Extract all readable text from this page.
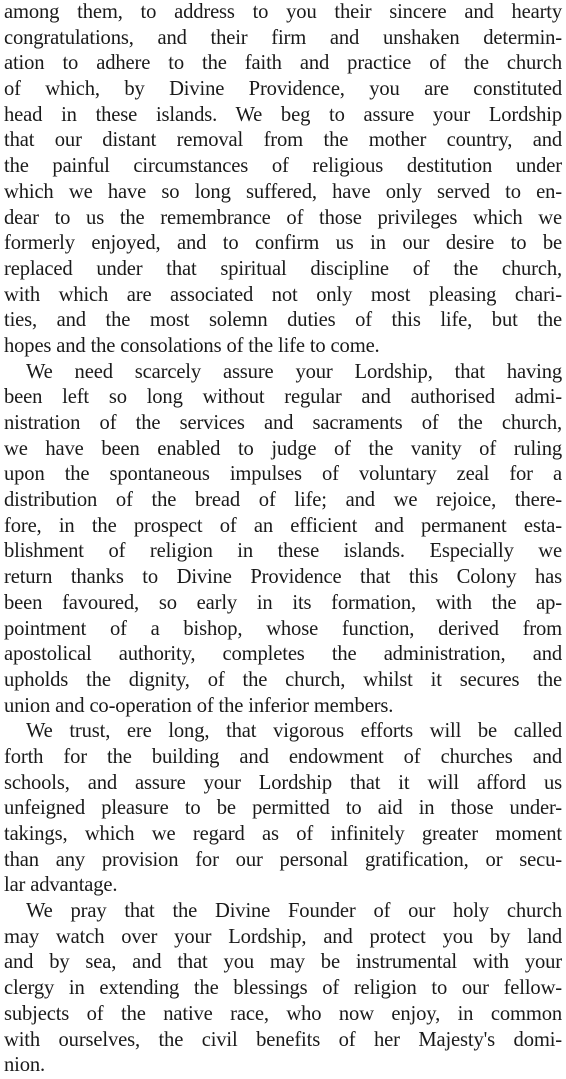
among them, to address to you their sincere and hearty
congratulations, and their firm and unshaken determin-
ation to adhere to the faith and practice of the church
of which, by Divine Providence, you are constituted
head in these islands. We beg to assure your Lordship
that our distant removal from the mother country, and
the painful circumstances of religious destitution under
which we have so long suffered, have only served to en-
dear to us the remembrance of those privileges which we
formerly enjoyed, and to confirm us in our desire to be
replaced under that spiritual discipline of the church,
with which are associated not only most pleasing chari-
ties, and the most solemn duties of this life, but the
hopes and the consolations of the life to come.
We need scarcely assure your Lordship, that having
been left so long without regular and authorised admi-
nistration of the services and sacraments of the church,
we have been enabled to judge of the vanity of ruling
upon the spontaneous impulses of voluntary zeal for a
distribution of the bread of life; and we rejoice, there-
fore, in the prospect of an efficient and permanent esta-
blishment of religion in these islands. Especially we
return thanks to Divine Providence that this Colony has
been favoured, so early in its formation, with the ap-
pointment of a bishop, whose function, derived from
apostolical authority, completes the administration, and
upholds the dignity, of the church, whilst it secures the
union and co-operation of the inferior members.
We trust, ere long, that vigorous efforts will be called
forth for the building and endowment of churches and
schools, and assure your Lordship that it will afford us
unfeigned pleasure to be permitted to aid in those under-
takings, which we regard as of infinitely greater moment
than any provision for our personal gratification, or secu-
lar advantage.
We pray that the Divine Founder of our holy church
may watch over your Lordship, and protect you by land
and by sea, and that you may be instrumental with your
clergy in extending the blessings of religion to our fellow-
subjects of the native race, who now enjoy, in common
with ourselves, the civil benefits of her Majesty's domi-
nion.
